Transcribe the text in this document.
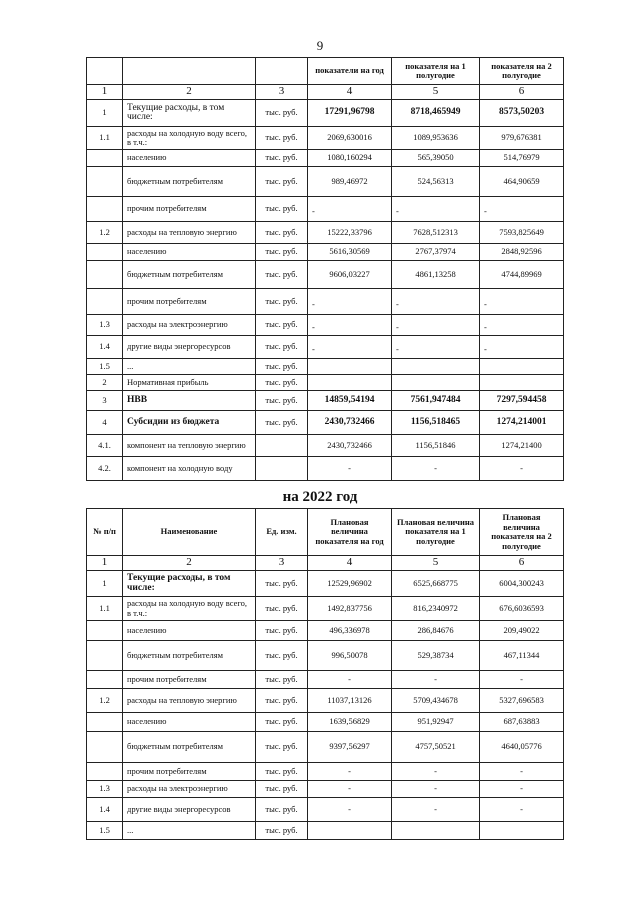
9
			показатели на год	показателя на 1 полугодие	показателя на 2 полугодие
1	2	3	4	5	6
1	Текущие расходы, в том числе:	тыс. руб.	17291,96798	8718,465949	8573,50203
1.1	расходы на холодную воду всего, в т.ч.:	тыс. руб.	2069,630016	1089,953636	979,676381
	населению	тыс. руб.	1080,160294	565,39050	514,76979
	бюджетным потребителям	тыс. руб.	989,46972	524,56313	464,90659
	прочим потребителям	тыс. руб.	-	-	-

1.2	расходы на тепловую энергию	тыс. руб.	15222,33796	7628,512313	7593,825649
	населению	тыс. руб.	5616,30569	2767,37974	2848,92596
	бюджетным потребителям	тыс. руб.	9606,03227	4861,13258	4744,89969
	прочим потребителям	тыс. руб.	-	-	-

1.3	расходы на электроэнергию	тыс. руб.	-	-	-

1.4	другие виды энергоресурсов	тыс. руб.	-	-	-

1.5	...	тыс. руб.			
2	Нормативная прибыль	тыс. руб.			
3	НВВ	тыс. руб.	14859,54194	7561,947484	7297,594458
4	Субсидии из бюджета	тыс. руб.	2430,732466	1156,518465	1274,214001
4.1.	компонент на тепловую энергию		2430,732466	1156,51846	1274,21400
4.2.	компонент на холодную воду		-	-	-
на 2022 год
№ п/п	Наименование	Ед. изм.	Плановая величина показателя на год	Плановая величина показателя на 1 полугодие	Плановая величина показателя на 2 полугодие
1	2	3	4	5	6
1	Текущие расходы, в том числе:	тыс. руб.	12529,96902	6525,668775	6004,300243
1.1	расходы на холодную воду всего, в т.ч.:	тыс. руб.	1492,837756	816,2340972	676,6036593
	населению	тыс. руб.	496,336978	286,84676	209,49022
	бюджетным потребителям	тыс. руб.	996,50078	529,38734	467,11344
	прочим потребителям	тыс. руб.	-	-	-
1.2	расходы на тепловую энергию	тыс. руб.	11037,13126	5709,434678	5327,696583
	населению	тыс. руб.	1639,56829	951,92947	687,63883
	бюджетным потребителям	тыс. руб.	9397,56297	4757,50521	4640,05776
	прочим потребителям	тыс. руб.	-	-	-
1.3	расходы на электроэнергию	тыс. руб.	-	-	-
1.4	другие виды энергоресурсов	тыс. руб.	-	-	-
1.5	...	тыс. руб.			
